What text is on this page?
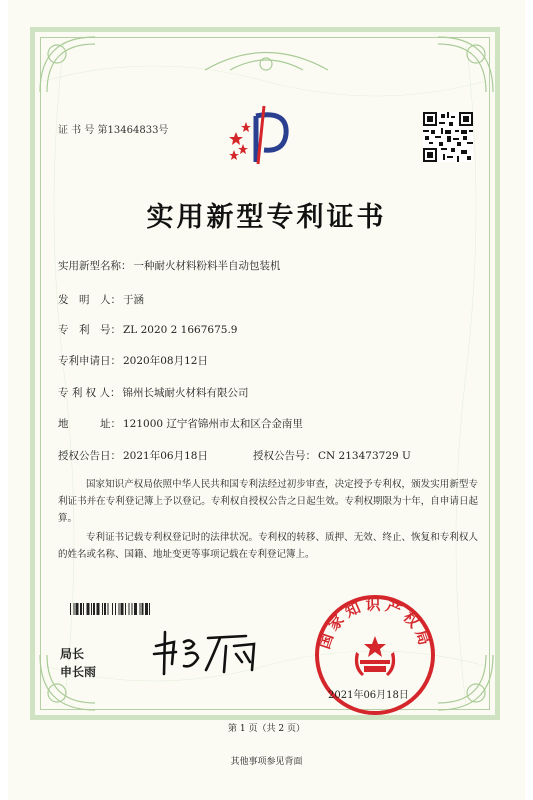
证 书 号 第13464833号
实用新型专利证书
实用新型名称： 一种耐火材料粉料半自动包装机
发　明　人： 于涵
专　利　号： ZL 2020 2 1667675.9
专利申请日： 2020年08月12日
专 利 权 人： 锦州长城耐火材料有限公司
地　　　址： 121000 辽宁省锦州市太和区合金南里
授权公告日： 2021年06月18日	授权公告号： CN 213473729 U
国家知识产权局依照中华人民共和国专利法经过初步审查，决定授予专利权，颁发实用新型专利证书并在专利登记簿上予以登记。专利权自授权公告之日起生效。专利权期限为十年，自申请日起算。
专利证书记载专利权登记时的法律状况。专利权的转移、质押、无效、终止、恢复和专利权人的姓名或名称、国籍、地址变更等事项记载在专利登记簿上。
局长
申长雨
国家知识产权局
2021年06月18日
第 1 页（共 2 页）
其他事项参见背面
